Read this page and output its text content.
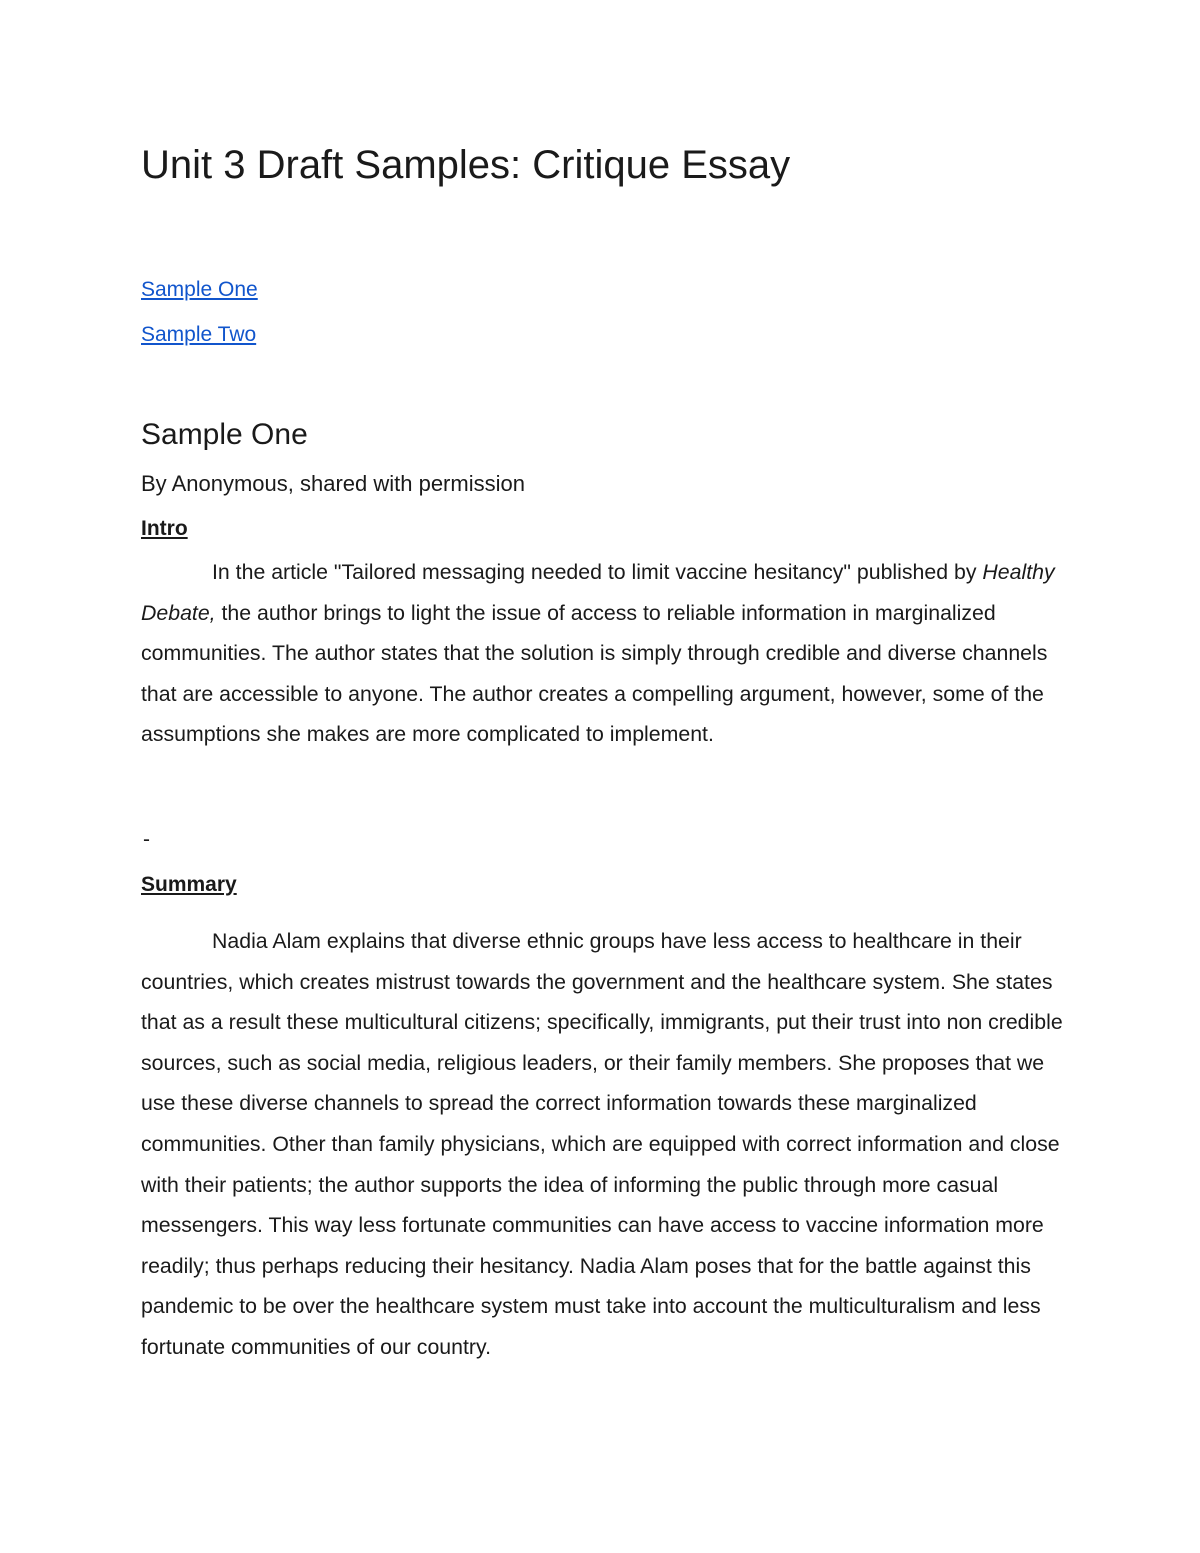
Unit 3 Draft Samples: Critique Essay
Sample One
Sample Two
Sample One
By Anonymous, shared with permission
Intro

In the article "Tailored messaging needed to limit vaccine hesitancy" published by Healthy Debate, the author brings to light the issue of access to reliable information in marginalized communities. The author states that the solution is simply through credible and diverse channels that are accessible to anyone. The author creates a compelling argument, however, some of the assumptions she makes are more complicated to implement.

-
Summary

Nadia Alam explains that diverse ethnic groups have less access to healthcare in their countries, which creates mistrust towards the government and the healthcare system. She states that as a result these multicultural citizens; specifically, immigrants, put their trust into non credible sources, such as social media, religious leaders, or their family members. She proposes that we use these diverse channels to spread the correct information towards these marginalized communities. Other than family physicians, which are equipped with correct information and close with their patients; the author supports the idea of informing the public through more casual messengers. This way less fortunate communities can have access to vaccine information more readily; thus perhaps reducing their hesitancy. Nadia Alam poses that for the battle against this pandemic to be over the healthcare system must take into account the multiculturalism and less fortunate communities of our country.
